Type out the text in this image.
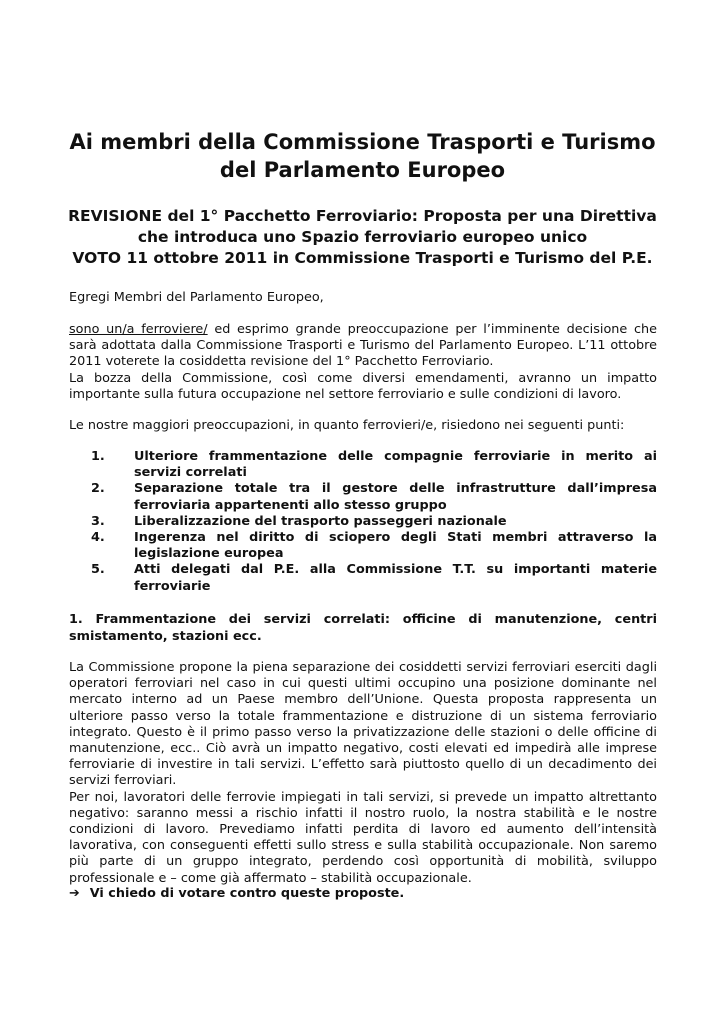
Ai membri della Commissione Trasporti e Turismo
del Parlamento Europeo
REVISIONE del 1° Pacchetto Ferroviario: Proposta per una Direttiva
che introduca uno Spazio ferroviario europeo unico
VOTO 11 ottobre 2011 in Commissione Trasporti e Turismo del P.E.
Egregi Membri del Parlamento Europeo,
sono un/a ferroviere/ ed esprimo grande preoccupazione per l’imminente decisione che sarà adottata dalla Commissione Trasporti e Turismo del Parlamento Europeo. L’11 ottobre 2011 voterete la cosiddetta revisione del 1° Pacchetto Ferroviario.
La bozza della Commissione, così come diversi emendamenti, avranno un impatto importante sulla futura occupazione nel settore ferroviario e sulle condizioni di lavoro.
Le nostre maggiori preoccupazioni, in quanto ferrovieri/e, risiedono nei seguenti punti:
1.	Ulteriore frammentazione delle compagnie ferroviarie in merito ai servizi correlati
2.	Separazione totale tra il gestore delle infrastrutture dall’impresa ferroviaria appartenenti allo stesso gruppo
3.	Liberalizzazione del trasporto passeggeri nazionale
4.	Ingerenza nel diritto di sciopero degli Stati membri attraverso la legislazione europea
5.	Atti delegati dal P.E. alla Commissione T.T. su importanti materie ferroviarie
1. Frammentazione dei servizi correlati: officine di manutenzione, centri smistamento, stazioni ecc.
La Commissione propone la piena separazione dei cosiddetti servizi ferroviari eserciti dagli operatori ferroviari nel caso in cui questi ultimi occupino una posizione dominante nel mercato interno ad un Paese membro dell’Unione. Questa proposta rappresenta un ulteriore passo verso la totale frammentazione e distruzione di un sistema ferroviario integrato. Questo è il primo passo verso la privatizzazione delle stazioni o delle officine di manutenzione, ecc.. Ciò avrà un impatto negativo, costi elevati ed impedirà alle imprese ferroviarie di investire in tali servizi. L’effetto sarà piuttosto quello di un decadimento dei servizi ferroviari.
Per noi, lavoratori delle ferrovie impiegati in tali servizi, si prevede un impatto altrettanto negativo: saranno messi a rischio infatti il nostro ruolo, la nostra stabilità e le nostre condizioni di lavoro. Prevediamo infatti perdita di lavoro ed aumento dell’intensità lavorativa, con conseguenti effetti sullo stress e sulla stabilità occupazionale. Non saremo più parte di un gruppo integrato, perdendo così opportunità di mobilità, sviluppo professionale e – come già affermato – stabilità occupazionale.
➔ Vi chiedo di votare contro queste proposte.
